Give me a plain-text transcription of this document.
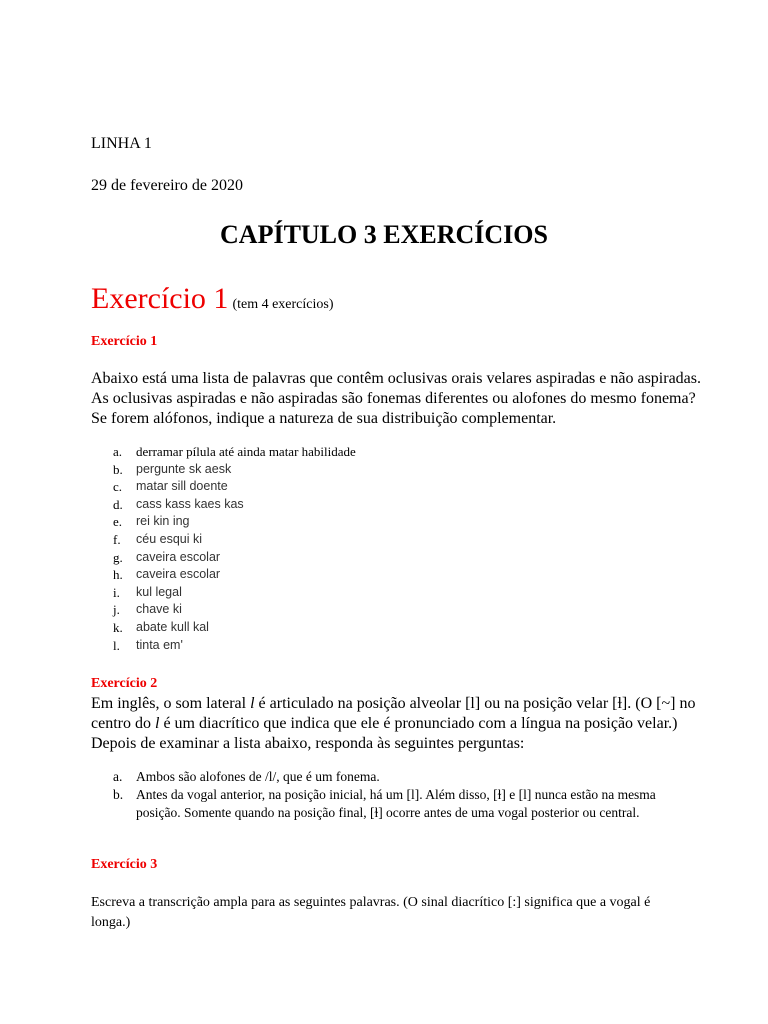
LINHA 1

29 de fevereiro de 2020

CAPÍTULO 3 EXERCÍCIOS
Exercício 1 (tem 4 exercícios)

Exercício 1

Abaixo está uma lista de palavras que contêm oclusivas orais velares aspiradas e não aspiradas. As oclusivas aspiradas e não aspiradas são fonemas diferentes ou alofones do mesmo fonema? Se forem alófonos, indique a natureza de sua distribuição complementar.

a. derramar pílula até ainda matar habilidade
b. pergunte sk aesk
c. matar sill doente
d. cass kass kaes kas
e. rei kin ing
f. céu esqui ki
g. caveira escolar
h. caveira escolar
i. kul legal
j. chave ki
k. abate kull kal
l. tinta em'

Exercício 2

Em inglês, o som lateral l é articulado na posição alveolar [l] ou na posição velar [ɫ]. (O [~] no centro do l é um diacrítico que indica que ele é pronunciado com a língua na posição velar.) Depois de examinar a lista abaixo, responda às seguintes perguntas:

a. Ambos são alofones de /l/, que é um fonema.
b. Antes da vogal anterior, na posição inicial, há um [l]. Além disso, [ɫ] e [l] nunca estão na mesma posição. Somente quando na posição final, [ɫ] ocorre antes de uma vogal posterior ou central.

Exercício 3

Escreva a transcrição ampla para as seguintes palavras. (O sinal diacrítico [:] significa que a vogal é longa.)
